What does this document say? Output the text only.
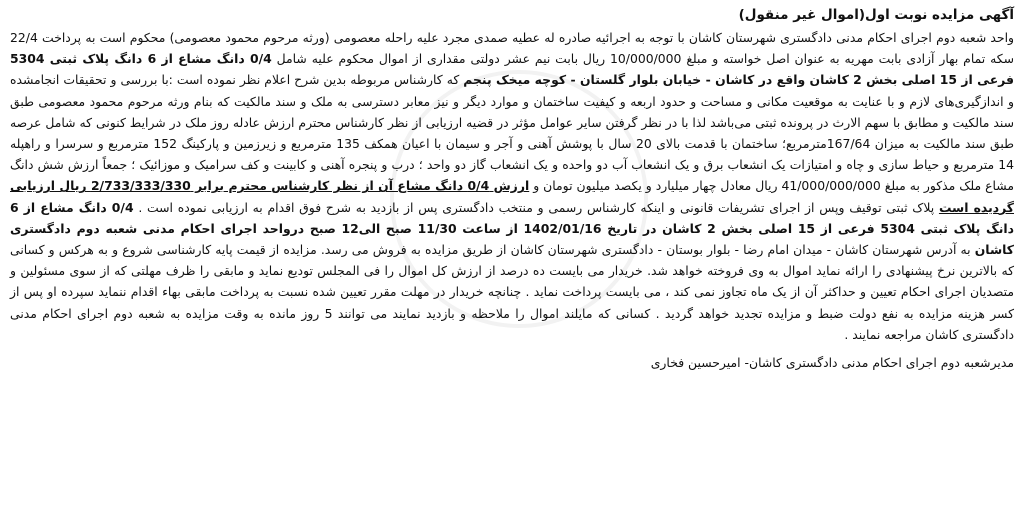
آگهی مزایده نوبت اول(اموال غیر منقول)

واحد شعبه دوم اجرای احکام مدنی دادگستری شهرستان کاشان با توجه به اجرائیه صادره له عطیه صمدی مجرد علیه راحله معصومی (ورثه مرحوم محمود معصومی) محکوم است به پرداخت 22/4 سکه تمام بهار آزادی بابت مهریه به عنوان اصل خواسته و مبلغ 10/000/000 ریال بابت نیم عشر دولتی مقداری از اموال محکوم علیه شامل 0/4 دانگ مشاع از 6 دانگ پلاک ثبتی 5304 فرعی از 15 اصلی بخش 2 کاشان واقع در کاشان - خیابان بلوار گلستان - کوچه میخک پنجم که کارشناس مربوطه بدین شرح اعلام نظر نموده است :با بررسی و تحقیقات انجامشده و اندازگیری‌های لازم و با عنایت به موقعیت مکانی و مساحت و حدود اربعه و کیفیت ساختمان و موارد دیگر و نیز معابر دسترسی به ملک و سند مالکیت که بنام ورثه مرحوم محمود معصومی طبق سند مالکیت و مطابق با سهم الارث در پرونده ثبتی می‌باشد لذا با در نظر گرفتن سایر عوامل مؤثر در قضیه ارزیابی از نظر کارشناس محترم ارزش عادله روز ملک در شرایط کنونی که شامل عرصه طبق سند مالکیت به میزان 167/64مترمربع؛ ساختمان با قدمت بالای 20 سال با پوشش آهنی و آجر و سیمان با اعیان همکف 135 مترمربع و زیرزمین و پارکینگ 152 مترمربع و سرسرا و راهپله 14 مترمربع و حیاط سازی و چاه و امتیازات یک انشعاب برق و یک انشعاب آب دو واحده و یک انشعاب گاز دو واحد ؛ درب و پنجره آهنی و کابینت و کف سرامیک و موزائیک ؛ جمعاً ارزش شش دانگ مشاع ملک مذکور به مبلغ 41/000/000/000 ریال معادل چهار میلیارد و یکصد میلیون تومان و ارزش 0/4 دانگ مشاع آن از نظر کارشناس محترم برابر 2/733/333/330 ریال ارزیابی گردیده است پلاک ثبتی توقیف وپس از اجرای تشریفات قانونی و اینکه کارشناس رسمی و منتخب دادگستری پس از بازدید به شرح فوق اقدام به ارزیابی نموده است . 0/4 دانگ مشاع از 6 دانگ پلاک ثبتی 5304 فرعی از 15 اصلی بخش 2 کاشان در تاریخ 1402/01/16 از ساعت 11/30 صبح الی12 صبح درواحد اجرای احکام مدنی شعبه دوم دادگستری کاشان به آدرس شهرستان کاشان - میدان امام رضا - بلوار بوستان - دادگستری شهرستان کاشان از طریق مزایده به فروش می رسد. مزایده از قیمت پایه کارشناسی شروع و به هرکس و کسانی که بالاترین نرخ پیشنهادی را ارائه نماید اموال به وی فروخته خواهد شد. خریدار می بایست ده درصد از ارزش کل اموال را فی المجلس تودیع نماید و مابقی را ظرف مهلتی که از سوی مسئولین و متصدیان اجرای احکام تعیین و حداکثر آن از یک ماه تجاوز نمی کند ، می بایست پرداخت نماید . چنانچه خریدار در مهلت مقرر تعیین شده نسبت به پرداخت مابقی بهاء اقدام ننماید سپرده او پس از کسر هزینه مزایده به نفع دولت ضبط و مزایده تجدید خواهد گردید . کسانی که مایلند اموال را ملاحظه و بازدید نمایند می توانند 5 روز مانده به وقت مزایده به شعبه دوم اجرای احکام مدنی دادگستری کاشان مراجعه نمایند .

مدیرشعبه دوم اجرای احکام مدنی دادگستری کاشان- امیرحسین فخاری
